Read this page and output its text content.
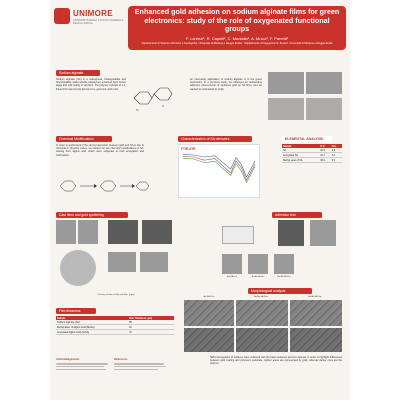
UNIMORE
UNIVERSITÀ DEGLI STUDI DI MODENA E REGGIO EMILIA
Enhanced gold adhesion on sodium alginate films for green electronics: study of the role of oxygenated functional groups
F. Lorenzi¹, R. Capelli², C. Montallo², A. Mucci¹, F. Parenti¹
¹Dipartimento di Scienze Chimiche e Geologiche, Università di Modena e Reggio Emilia · ²Dipartimento di Ingegneria 'E. Ferrari', Università di Modena e Reggio Emilia
Sodium alginate
Sodium alginate (SA) is a widespread, biodegradable and biocompatible water-soluble biopolymer extracted from brown algae and sold mainly in salt form. The polymer consists of 1,4-linked β-D-mannuronic acid and α-L-guluronic acid units.
M
G
An interesting application of sodium alginate is in the green electronics. In a previous study, we observed an outstanding adhesion phenomenon of sputtered gold on SA films, and we wanted to understand its origin.
Chemical Modifications
In order to understand if the strong interaction between gold and SA is due to chemical or physical nature, we carried out two chemical modifications of SA, starting from alginic acid, which were subjected to both acetylation and methylation.
Characterization of SA derivates
FTIR-ATR
ELEMENTAL ANALYSIS
Sample	% C	% H
SA	32.6	4.9
Acetylated SA	41.7	5.2
Methyl ester of SA	36.9	5.6
Cast films and gold sputtering
Casting solutions (left) and films (right)
Adhesion test
Au/SA film	Au/AcSA film	Au/MeSA film
Film thickness
Sample	Film Thickness (μm)
Sodium Alginate (SA)	55
Methyl Ester of Alginic Acid (MeSA)	61
Acetylated Alginic Acid (AcSA)	70
Morphological analysis
Au/SA Film	Au/MeSA Film	Au/AcSA Film
SEM micrographs of surfaces were collected with the back-scattered electron detector in order to highlight differences between gold coating and polymeric substrate. Lighter areas are represented by gold, whereas darker ones are the polymer.
Acknowledgements	References
